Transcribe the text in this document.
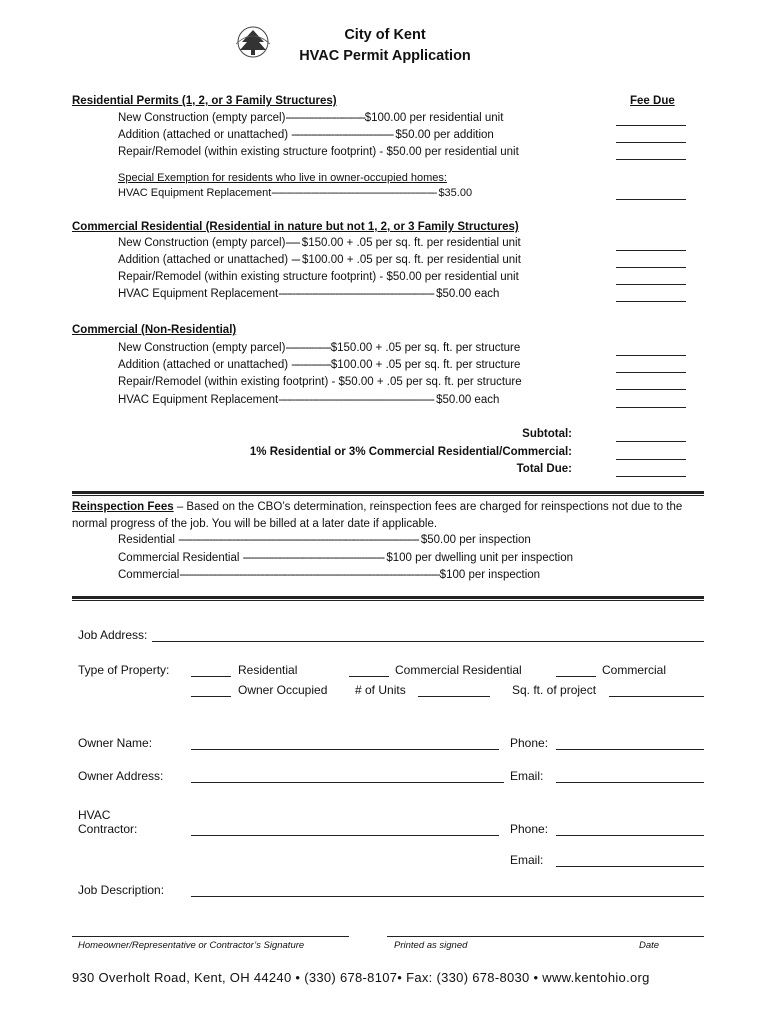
City of Kent
HVAC Permit Application
Residential Permits (1, 2, or 3 Family Structures)	Fee Due
New Construction (empty parcel)----------------------------$100.00 per residential unit
Addition (attached or unattached) ------------------------------------ $50.00 per addition
Repair/Remodel (within existing structure footprint) - $50.00 per residential unit
Special Exemption for residents who live in owner-occupied homes:
HVAC Equipment Replacement-------------------------------------------------------------- $35.00
Commercial Residential (Residential in nature but not 1, 2, or 3 Family Structures)
New Construction (empty parcel)----- $150.00 + .05 per sq. ft. per residential unit
Addition (attached or unattached) --- $100.00 + .05 per sq. ft. per residential unit
Repair/Remodel (within existing structure footprint) - $50.00 per residential unit
HVAC Equipment Replacement------------------------------------------------------- $50.00 each
Commercial (Non-Residential)
New Construction (empty parcel)----------------$150.00 + .05 per sq. ft. per structure
Addition (attached or unattached) --------------$100.00 + .05 per sq. ft. per structure
Repair/Remodel (within existing footprint) - $50.00 + .05 per sq. ft. per structure
HVAC Equipment Replacement------------------------------------------------------- $50.00 each
Subtotal:
1% Residential or 3% Commercial Residential/Commercial:
Total Due:
Reinspection Fees – Based on the CBO’s determination, reinspection fees are charged for reinspections not due to the normal progress of the job. You will be billed at a later date if applicable.
Residential ------------------------------------------------------------------------------------- $50.00 per inspection
Commercial Residential -------------------------------------------------- $100 per dwelling unit per inspection
Commercial--------------------------------------------------------------------------------------------$100 per inspection
Job Address:
Type of Property:	Residential	Commercial Residential	Commercial
Owner Occupied # of Units	Sq. ft. of project
Owner Name:	Phone:
Owner Address:	Email:
HVAC
Contractor:	Phone:
Email:
Job Description:
Homeowner/Representative or Contractor’s Signature	Printed as signed	Date
930 Overholt Road, Kent, OH 44240 • (330) 678-8107• Fax: (330) 678-8030 • www.kentohio.org
